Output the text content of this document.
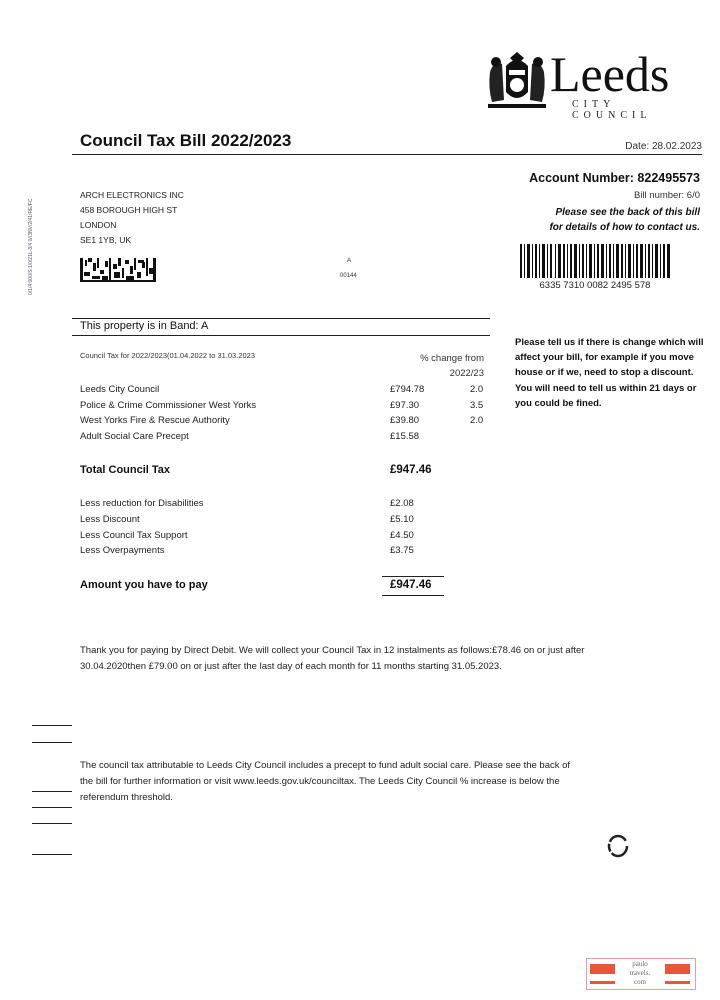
Leeds
CITY COUNCIL
Council Tax Bill 2022/2023	Date: 28.02.2023
0/1/4:000/S:1/0/21L-3/4 0//3NV/2/41/RE/FC
ARCH ELECTRONICS INC
458 BOROUGH HIGH ST
LONDON
SE1 1YB, UK
A
00144
Account Number: 822495573
Bill number: 6/0
Please see the back of this bill
for details of how to contact us.
6335 7310 0082 2495 578
This property is in Band: A
Council Tax for 2022/2023(01.04.2022 to 31.03.2023	% change from
2022/23
Leeds City Council	£794.78	2.0
Police & Crime Commissioner West Yorks	£97.30	3.5
West Yorks Fire & Rescue Authority	£39.80	2.0
Adult Social Care Precept	£15.58
Total Council Tax	£947.46
Less reduction for Disabilities	£2.08
Less Discount	£5.10
Less Council Tax Support	£4.50
Less Overpayments	£3.75
Amount you have to pay	£947.46
Please tell us if there is change which will affect your bill, for example if you move house or if we, need to stop a discount. You will need to tell us within 21 days or you could be fined.
Thank you for paying by Direct Debit. We will collect your Council Tax in 12 instalments as follows:£78.46 on or just after 30.04.2020then £79.00 on or just after the last day of each month for 11 months starting 31.05.2023.
The council tax attributable to Leeds City Council includes a precept to fund adult social care. Please see the back of the bill for further information or visit www.leeds.gov.uk/counciltax. The Leeds City Council % increase is below the referendum threshold.
paulo
travels.
com
